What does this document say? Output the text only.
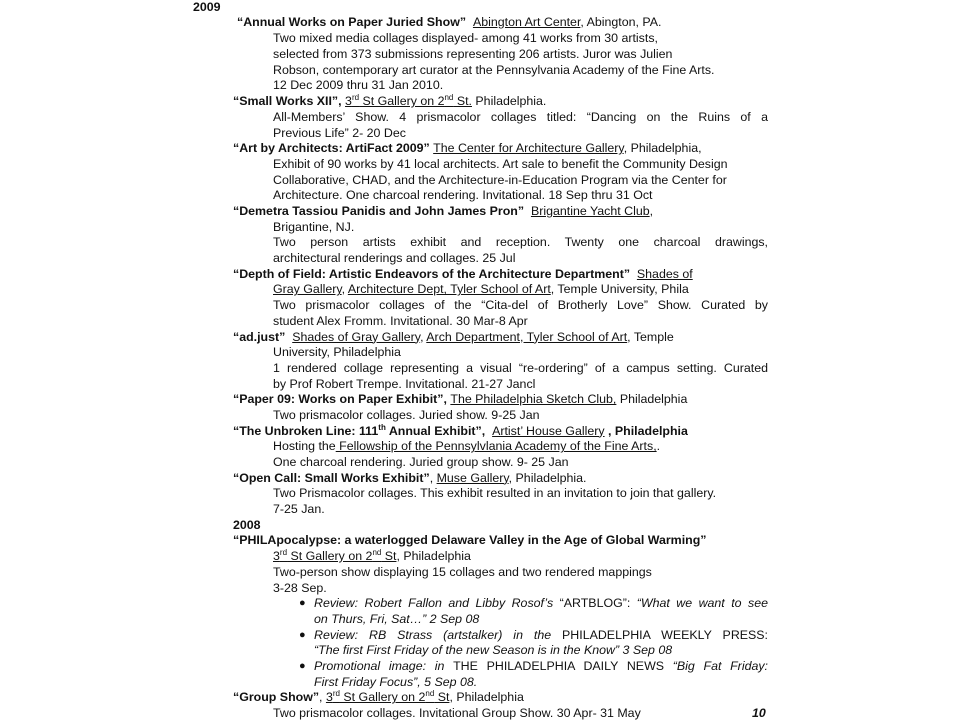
2009
“Annual Works on Paper Juried Show” Abington Art Center, Abington, PA.
Two mixed media collages displayed- among 41 works from 30 artists,
selected from 373 submissions representing 206 artists. Juror was Julien
Robson, contemporary art curator at the Pennsylvania Academy of the Fine Arts.
12 Dec 2009 thru 31 Jan 2010.
“Small Works XII”, 3rd St Gallery on 2nd St. Philadelphia.
All-Members’ Show. 4 prismacolor collages titled: “Dancing on the Ruins of a
Previous Life” 2- 20 Dec
“Art by Architects: ArtiFact 2009” The Center for Architecture Gallery, Philadelphia,
Exhibit of 90 works by 41 local architects. Art sale to benefit the Community Design
Collaborative, CHAD, and the Architecture-in-Education Program via the Center for
Architecture. One charcoal rendering. Invitational. 18 Sep thru 31 Oct
“Demetra Tassiou Panidis and John James Pron” Brigantine Yacht Club,
Brigantine, NJ.
Two person artists exhibit and reception. Twenty one charcoal drawings,
architectural renderings and collages. 25 Jul
“Depth of Field: Artistic Endeavors of the Architecture Department” Shades of
Gray Gallery, Architecture Dept, Tyler School of Art, Temple University, Phila
Two prismacolor collages of the “Cita-del of Brotherly Love” Show. Curated by
student Alex Fromm. Invitational. 30 Mar-8 Apr
“ad.just” Shades of Gray Gallery, Arch Department, Tyler School of Art, Temple
University, Philadelphia
1 rendered collage representing a visual “re-ordering” of a campus setting. Curated
by Prof Robert Trempe. Invitational. 21-27 Jancl
“Paper 09: Works on Paper Exhibit”, The Philadelphia Sketch Club, Philadelphia
Two prismacolor collages. Juried show. 9-25 Jan
“The Unbroken Line: 111th Annual Exhibit”, Artist’ House Gallery , Philadelphia
Hosting the Fellowship of the Pennsylvlania Academy of the Fine Arts,.
One charcoal rendering. Juried group show. 9- 25 Jan
“Open Call: Small Works Exhibit”, Muse Gallery, Philadelphia.
Two Prismacolor collages. This exhibit resulted in an invitation to join that gallery.
7-25 Jan.
2008
“PHILApocalypse: a waterlogged Delaware Valley in the Age of Global Warming”
3rd St Gallery on 2nd St, Philadelphia
Two-person show displaying 15 collages and two rendered mappings
3-28 Sep.
● Review: Robert Fallon and Libby Rosof’s “ARTBLOG”: “What we want to see
on Thurs, Fri, Sat…” 2 Sep 08
● Review: RB Strass (artstalker) in the PHILADELPHIA WEEKLY PRESS:
“The first First Friday of the new Season is in the Know” 3 Sep 08
● Promotional image: in THE PHILADELPHIA DAILY NEWS “Big Fat Friday:
First Friday Focus”, 5 Sep 08.
“Group Show”, 3rd St Gallery on 2nd St, Philadelphia
Two prismacolor collages. Invitational Group Show. 30 Apr- 31 May	10
